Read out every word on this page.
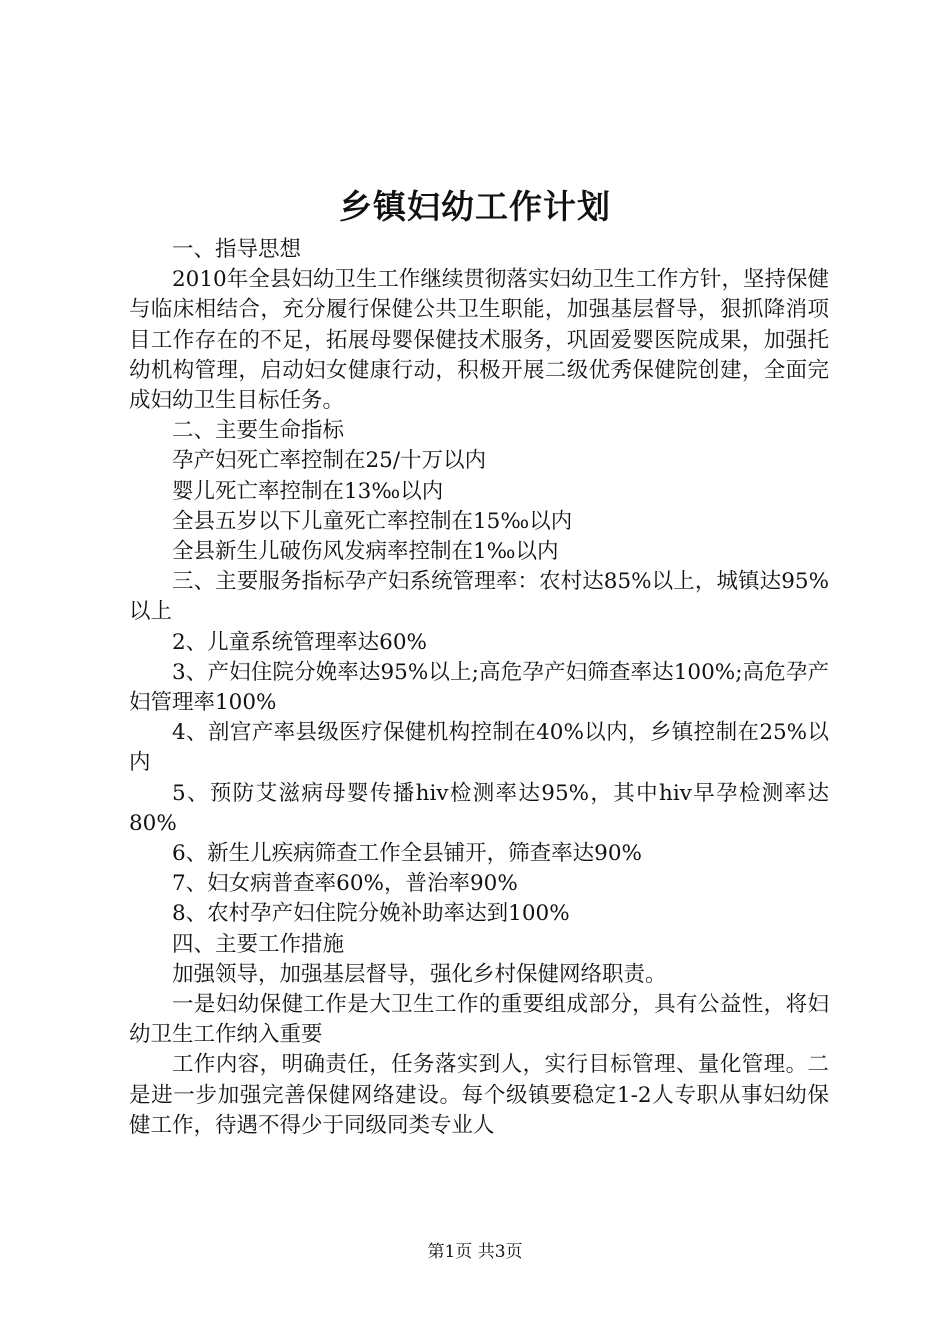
乡镇妇幼工作计划

一、指导思想

2010年全县妇幼卫生工作继续贯彻落实妇幼卫生工作方针，坚持保健与临床相结合，充分履行保健公共卫生职能，加强基层督导，狠抓降消项目工作存在的不足，拓展母婴保健技术服务，巩固爱婴医院成果，加强托幼机构管理，启动妇女健康行动，积极开展二级优秀保健院创建，全面完成妇幼卫生目标任务。

二、主要生命指标

孕产妇死亡率控制在25/十万以内

婴儿死亡率控制在13‰以内

全县五岁以下儿童死亡率控制在15‰以内

全县新生儿破伤风发病率控制在1‰以内

三、主要服务指标孕产妇系统管理率：农村达85%以上，城镇达95%以上

2、儿童系统管理率达60%

3、产妇住院分娩率达95%以上;高危孕产妇筛查率达100%;高危孕产妇管理率100%

4、剖宫产率县级医疗保健机构控制在40%以内，乡镇控制在25%以内

5、预防艾滋病母婴传播hiv检测率达95%，其中hiv早孕检测率达80%

6、新生儿疾病筛查工作全县铺开，筛查率达90%

7、妇女病普查率60%，普治率90%

8、农村孕产妇住院分娩补助率达到100%

四、主要工作措施

加强领导，加强基层督导，强化乡村保健网络职责。

一是妇幼保健工作是大卫生工作的重要组成部分，具有公益性，将妇幼卫生工作纳入重要

工作内容，明确责任，任务落实到人，实行目标管理、量化管理。二是进一步加强完善保健网络建设。每个级镇要稳定1-2人专职从事妇幼保健工作，待遇不得少于同级同类专业人

第1页 共3页
